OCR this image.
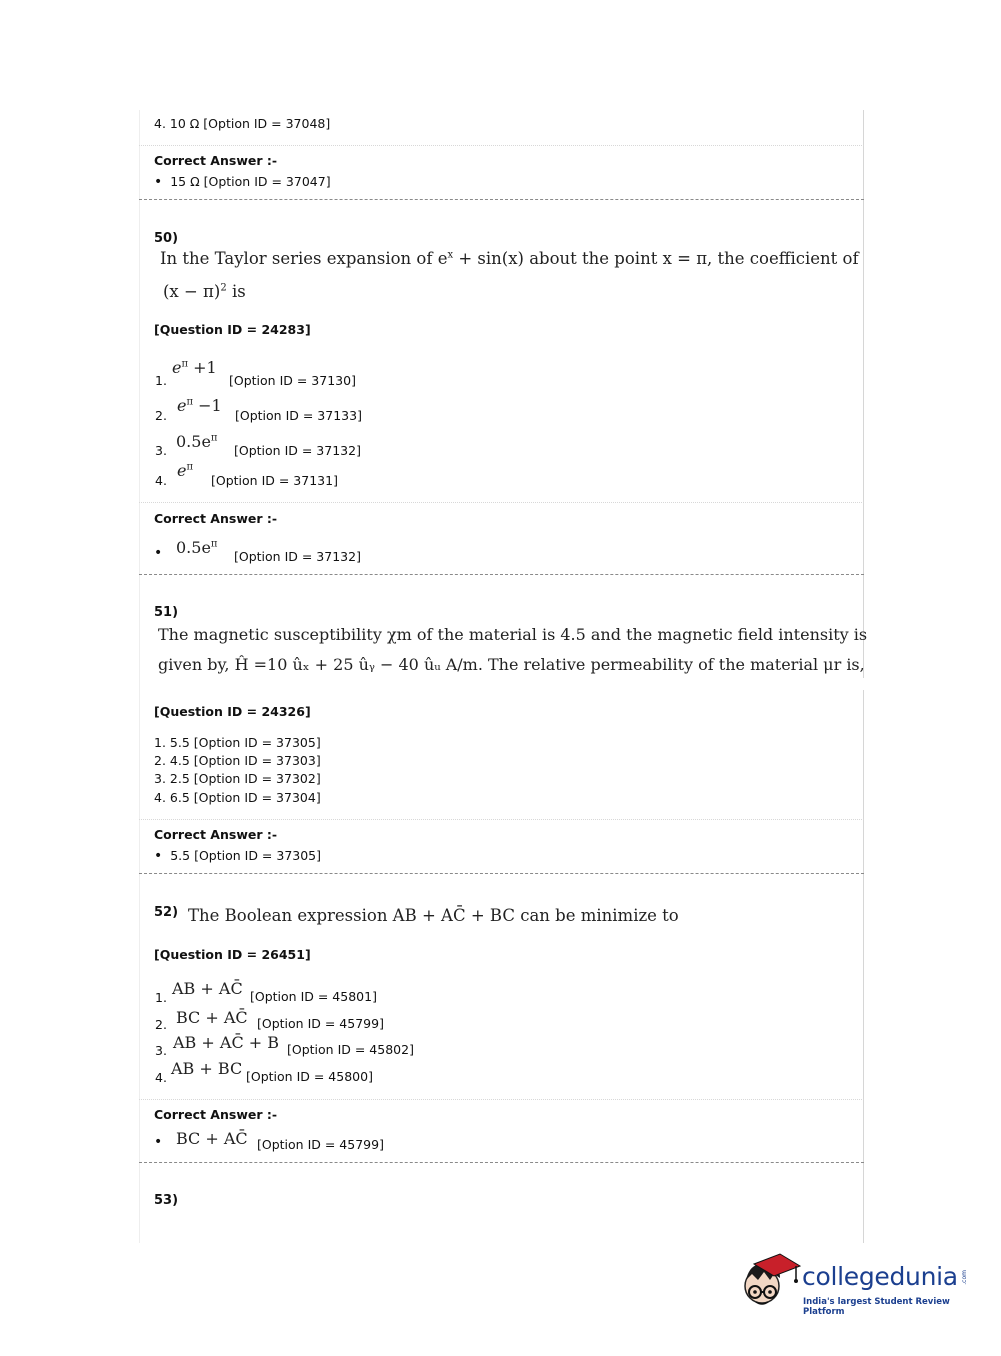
4. 10 Ω [Option ID = 37048]
Correct Answer :-
• 15 Ω [Option ID = 37047]
50)
In the Taylor series expansion of $e^x + \sin(x)$ about the point x = π, the coefficient of
$(x - \pi)^2$ is
[Question ID = 24283]
1.
$e^\pi +1$
[Option ID = 37130]
2.
$e^\pi -1$
[Option ID = 37133]
3. $0.5e^\pi$
[Option ID = 37132]
4.
$e^\pi$
[Option ID = 37131]
Correct Answer :-
• $0.5e^\pi$
[Option ID = 37132]
51)
The magnetic susceptibility χm of the material is 4.5 and the magnetic field intensity is
given by, Ĥ =10 ûₓ + 25 ûᵧ − 40 ûᵤ A/m. The relative permeability of the material μr is,
[Question ID = 24326]
1. 5.5 [Option ID = 37305]
2. 4.5 [Option ID = 37303]
3. 2.5 [Option ID = 37302]
4. 6.5 [Option ID = 37304]
Correct Answer :-
• 5.5 [Option ID = 37305]
52) The Boolean expression AB + AC̄ + BC can be minimize to
[Question ID = 26451]
1. AB + AC̄ [Option ID = 45801]
2. BC + AC̄ [Option ID = 45799]
3. AB + AC̄ + B [Option ID = 45802]
4. AB + BC [Option ID = 45800]
Correct Answer :-
• BC + AC̄ [Option ID = 45799]
53)
collegedunia .com
India's largest Student Review Platform
